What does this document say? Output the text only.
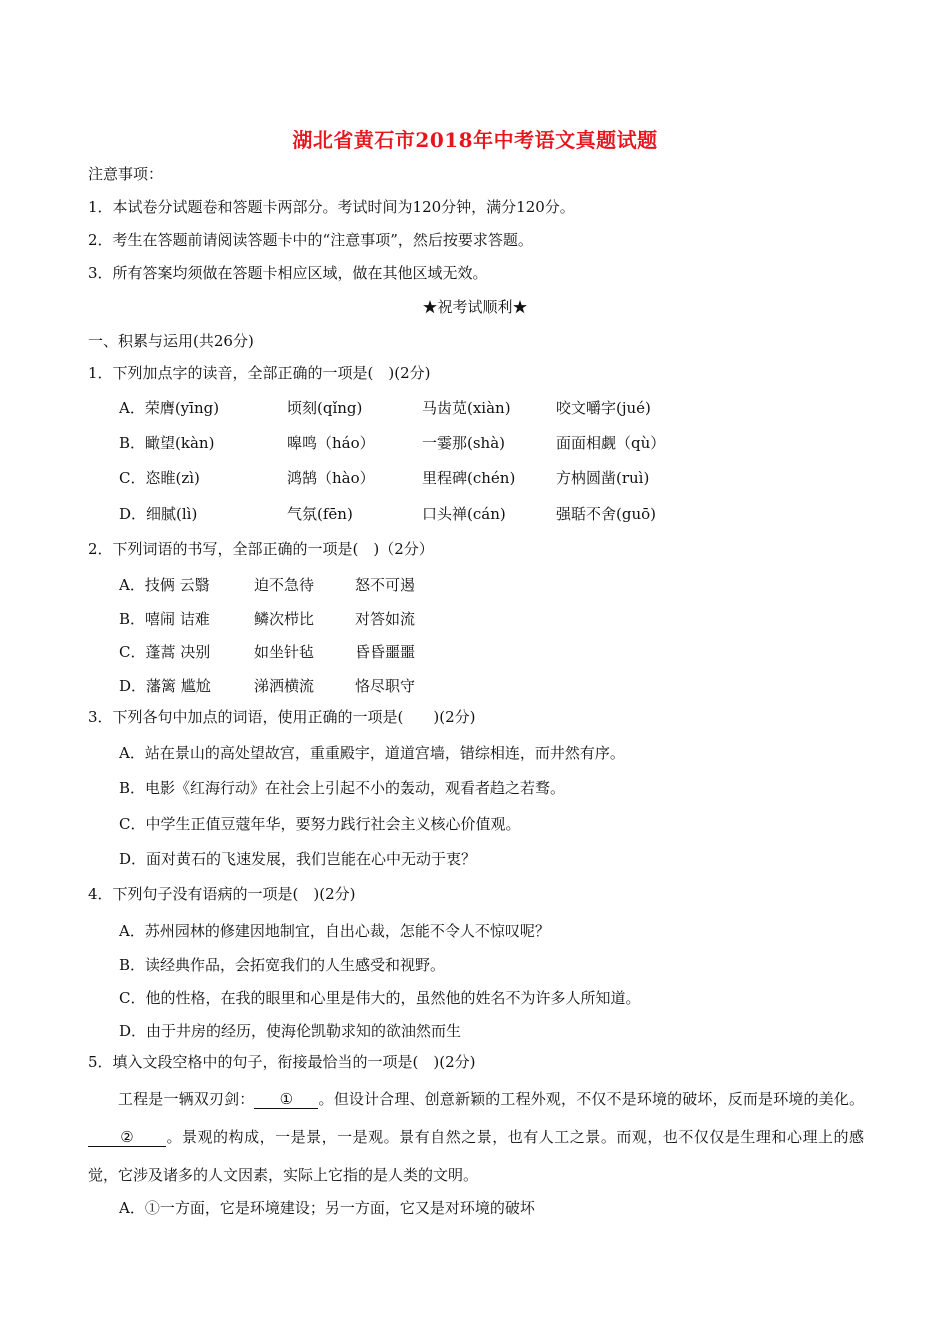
湖北省黄石市2018年中考语文真题试题
注意事项：
1．本试卷分试题卷和答题卡两部分。考试时间为120分钟，满分120分。
2．考生在答题前请阅读答题卡中的“注意事项”，然后按要求答题。
3．所有答案均须做在答题卡相应区域，做在其他区域无效。
★祝考试顺利★
一、积累与运用(共26分)
1．下列加点字的读音，全部正确的一项是(　)(2分)
A．荣膺(yīng)	顷刻(qǐng)	马齿苋(xiàn)	咬文嚼字(jué)
B．瞰望(kàn)	嗥鸣（háo）	一霎那(shà)	面面相觑（qù）
C．恣睢(zì)	鸿鹄（hào）	里程碑(chén)	方枘圆凿(ruì)
D．细腻(lì)	气氛(fēn)	口头禅(cán)	强聒不舍(guō)
2．下列词语的书写，全部正确的一项是(　)（2分）
A．技俩 云翳	迫不急待	怒不可遏
B．嘻闹 诘难	鳞次栉比	对答如流
C．蓬蒿 决别	如坐针毡	昏昏噩噩
D．藩篱 尴尬	涕洒横流	恪尽职守
3．下列各句中加点的词语，使用正确的一项是(　　)(2分)
A．站在景山的高处望故宫，重重殿宇，道道宫墙，错综相连，而井然有序。
B．电影《红海行动》在社会上引起不小的轰动，观看者趋之若骛。
C．中学生正值豆蔻年华，要努力践行社会主义核心价值观。
D．面对黄石的飞速发展，我们岂能在心中无动于衷？
4．下列句子没有语病的一项是(　)(2分)
A．苏州园林的修建因地制宜，自出心裁，怎能不令人不惊叹呢？
B．读经典作品，会拓宽我们的人生感受和视野。
C．他的性格，在我的眼里和心里是伟大的，虽然他的姓名不为许多人所知道。
D．由于井房的经历，使海伦凯勒求知的欲油然而生
5．填入文段空格中的句子，衔接最恰当的一项是(　)(2分)
工程是一辆双刃剑： ① 。但设计合理、创意新颖的工程外观，不仅不是环境的破坏，反而是环境的美化。② 。景观的构成，一是景，一是观。景有自然之景，也有人工之景。而观，也不仅仅是生理和心理上的感觉，它涉及诸多的人文因素，实际上它指的是人类的文明。
A．①一方面，它是环境建设；另一方面，它又是对环境的破坏
